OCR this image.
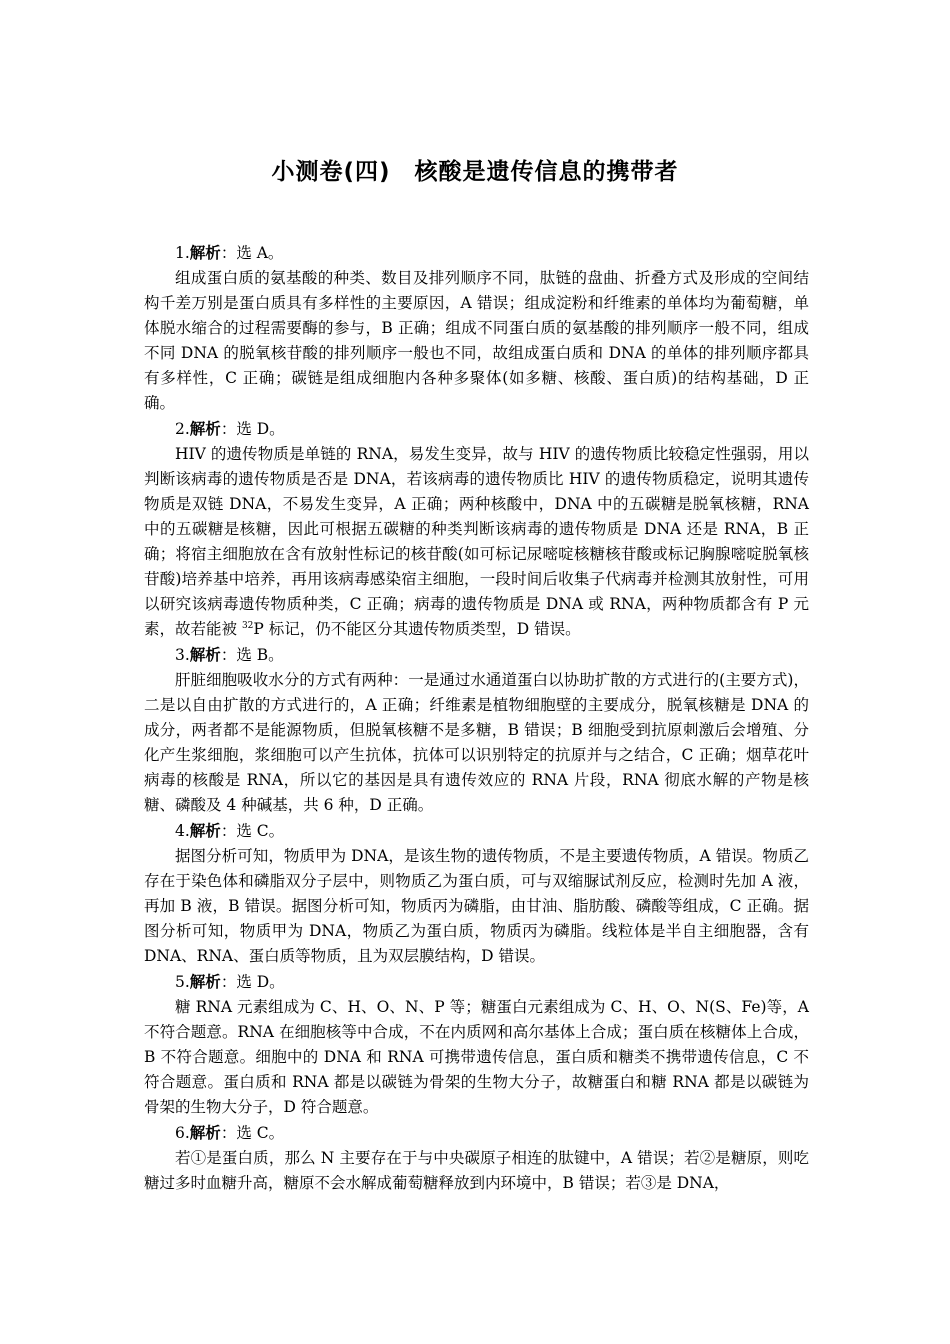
小测卷(四)　核酸是遗传信息的携带者

1.解析：选 A。

组成蛋白质的氨基酸的种类、数目及排列顺序不同，肽链的盘曲、折叠方式及形成的空间结构千差万别是蛋白质具有多样性的主要原因，A 错误；组成淀粉和纤维素的单体均为葡萄糖，单体脱水缩合的过程需要酶的参与，B 正确；组成不同蛋白质的氨基酸的排列顺序一般不同，组成不同 DNA 的脱氧核苷酸的排列顺序一般也不同，故组成蛋白质和 DNA 的单体的排列顺序都具有多样性，C 正确；碳链是组成细胞内各种多聚体(如多糖、核酸、蛋白质)的结构基础，D 正确。

2.解析：选 D。

HIV 的遗传物质是单链的 RNA，易发生变异，故与 HIV 的遗传物质比较稳定性强弱，用以判断该病毒的遗传物质是否是 DNA，若该病毒的遗传物质比 HIV 的遗传物质稳定，说明其遗传物质是双链 DNA，不易发生变异，A 正确；两种核酸中，DNA 中的五碳糖是脱氧核糖，RNA 中的五碳糖是核糖，因此可根据五碳糖的种类判断该病毒的遗传物质是 DNA 还是 RNA，B 正确；将宿主细胞放在含有放射性标记的核苷酸(如可标记尿嘧啶核糖核苷酸或标记胸腺嘧啶脱氧核苷酸)培养基中培养，再用该病毒感染宿主细胞，一段时间后收集子代病毒并检测其放射性，可用以研究该病毒遗传物质种类，C 正确；病毒的遗传物质是 DNA 或 RNA，两种物质都含有 P 元素，故若能被 $^{32}$P 标记，仍不能区分其遗传物质类型，D 错误。

3.解析：选 B。

肝脏细胞吸收水分的方式有两种：一是通过水通道蛋白以协助扩散的方式进行的(主要方式)，二是以自由扩散的方式进行的，A 正确；纤维素是植物细胞壁的主要成分，脱氧核糖是 DNA 的成分，两者都不是能源物质，但脱氧核糖不是多糖，B 错误；B 细胞受到抗原刺激后会增殖、分化产生浆细胞，浆细胞可以产生抗体，抗体可以识别特定的抗原并与之结合，C 正确；烟草花叶病毒的核酸是 RNA，所以它的基因是具有遗传效应的 RNA 片段，RNA 彻底水解的产物是核糖、磷酸及 4 种碱基，共 6 种，D 正确。

4.解析：选 C。

据图分析可知，物质甲为 DNA，是该生物的遗传物质，不是主要遗传物质，A 错误。物质乙存在于染色体和磷脂双分子层中，则物质乙为蛋白质，可与双缩脲试剂反应，检测时先加 A 液，再加 B 液，B 错误。据图分析可知，物质丙为磷脂，由甘油、脂肪酸、磷酸等组成，C 正确。据图分析可知，物质甲为 DNA，物质乙为蛋白质，物质丙为磷脂。线粒体是半自主细胞器，含有 DNA、RNA、蛋白质等物质，且为双层膜结构，D 错误。

5.解析：选 D。

糖 RNA 元素组成为 C、H、O、N、P 等；糖蛋白元素组成为 C、H、O、N(S、Fe)等，A 不符合题意。RNA 在细胞核等中合成，不在内质网和高尔基体上合成；蛋白质在核糖体上合成，B 不符合题意。细胞中的 DNA 和 RNA 可携带遗传信息，蛋白质和糖类不携带遗传信息，C 不符合题意。蛋白质和 RNA 都是以碳链为骨架的生物大分子，故糖蛋白和糖 RNA 都是以碳链为骨架的生物大分子，D 符合题意。

6.解析：选 C。

若①是蛋白质，那么 N 主要存在于与中央碳原子相连的肽键中，A 错误；若②是糖原，则吃糖过多时血糖升高，糖原不会水解成葡萄糖释放到内环境中，B 错误；若③是 DNA，
